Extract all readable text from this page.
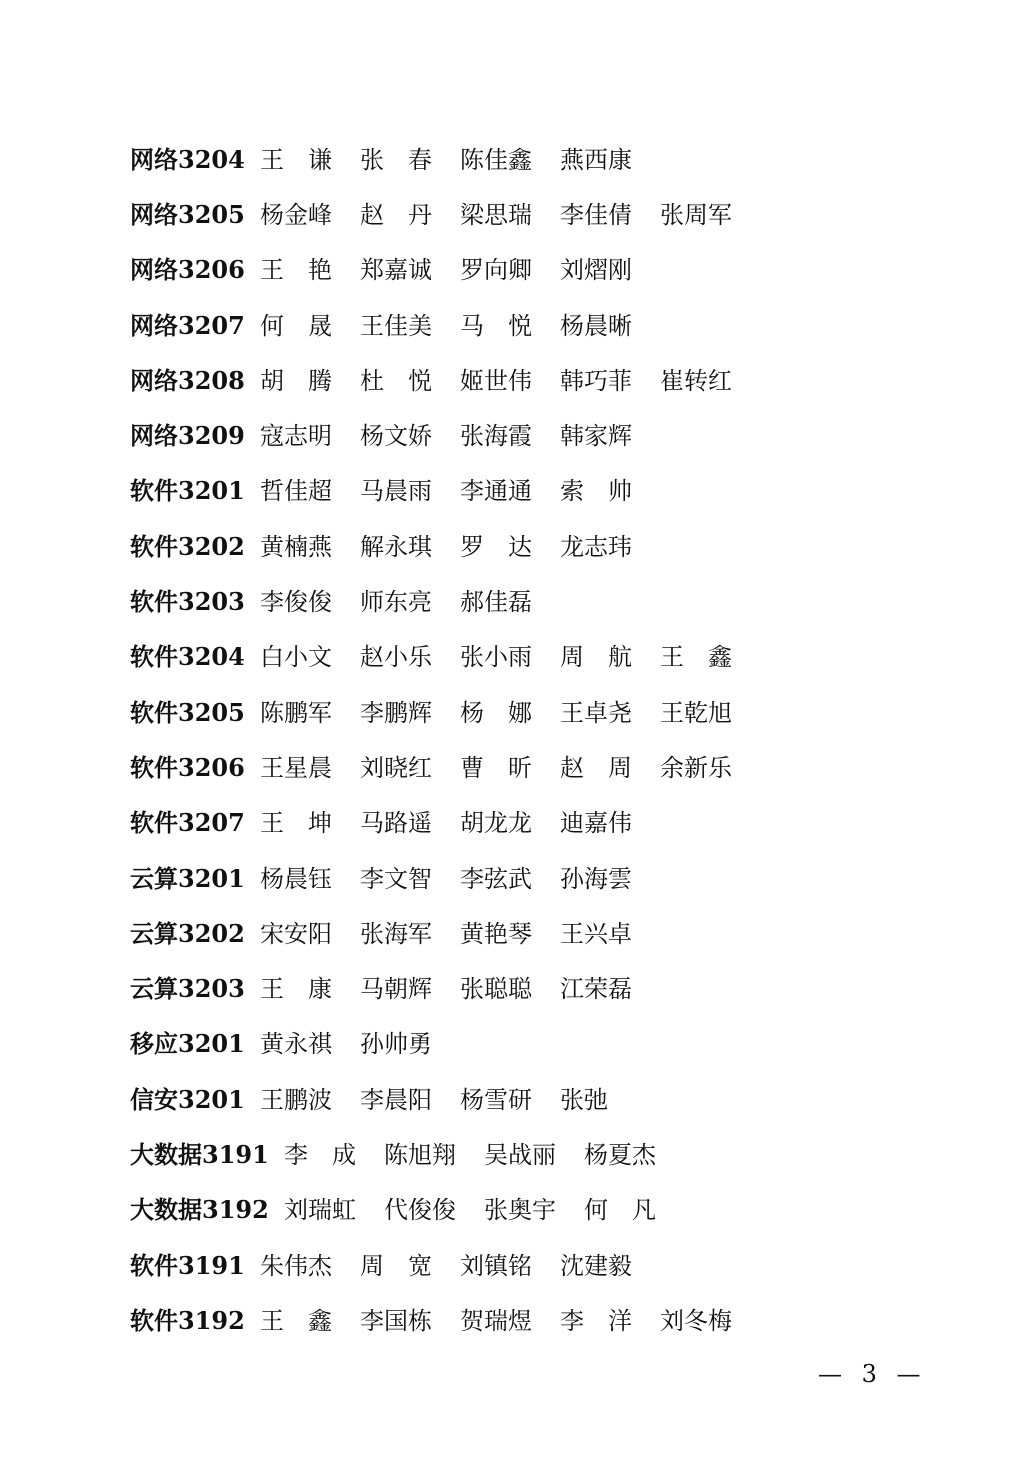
网络3204 王　谦	张　春	陈佳鑫	燕西康
网络3205 杨金峰	赵　丹	梁思瑞	李佳倩	张周军
网络3206 王　艳	郑嘉诚	罗向卿	刘熠刚
网络3207 何　晟	王佳美	马　悦	杨晨晰
网络3208 胡　腾	杜　悦	姬世伟	韩巧菲	崔转红
网络3209 寇志明	杨文娇	张海霞	韩家辉
软件3201 哲佳超	马晨雨	李通通	索　帅
软件3202 黄楠燕	解永琪	罗　达	龙志玮
软件3203 李俊俊	师东亮	郝佳磊
软件3204 白小文	赵小乐	张小雨	周　航	王　鑫
软件3205 陈鹏军	李鹏辉	杨　娜	王卓尧	王乾旭
软件3206 王星晨	刘晓红	曹　昕	赵　周	余新乐
软件3207 王　坤	马路遥	胡龙龙	迪嘉伟
云算3201 杨晨钰	李文智	李弦武	孙海雲
云算3202 宋安阳	张海军	黄艳琴	王兴卓
云算3203 王　康	马朝辉	张聪聪	江荣磊
移应3201 黄永祺	孙帅勇
信安3201 王鹏波	李晨阳	杨雪研	张弛
大数据3191 李　成	陈旭翔	吴战丽	杨夏杰
大数据3192 刘瑞虹	代俊俊	张奥宇	何　凡
软件3191 朱伟杰	周　宽	刘镇铭	沈建毅
软件3192 王　鑫	李国栋	贺瑞煜	李　洋	刘冬梅
— 3 —
